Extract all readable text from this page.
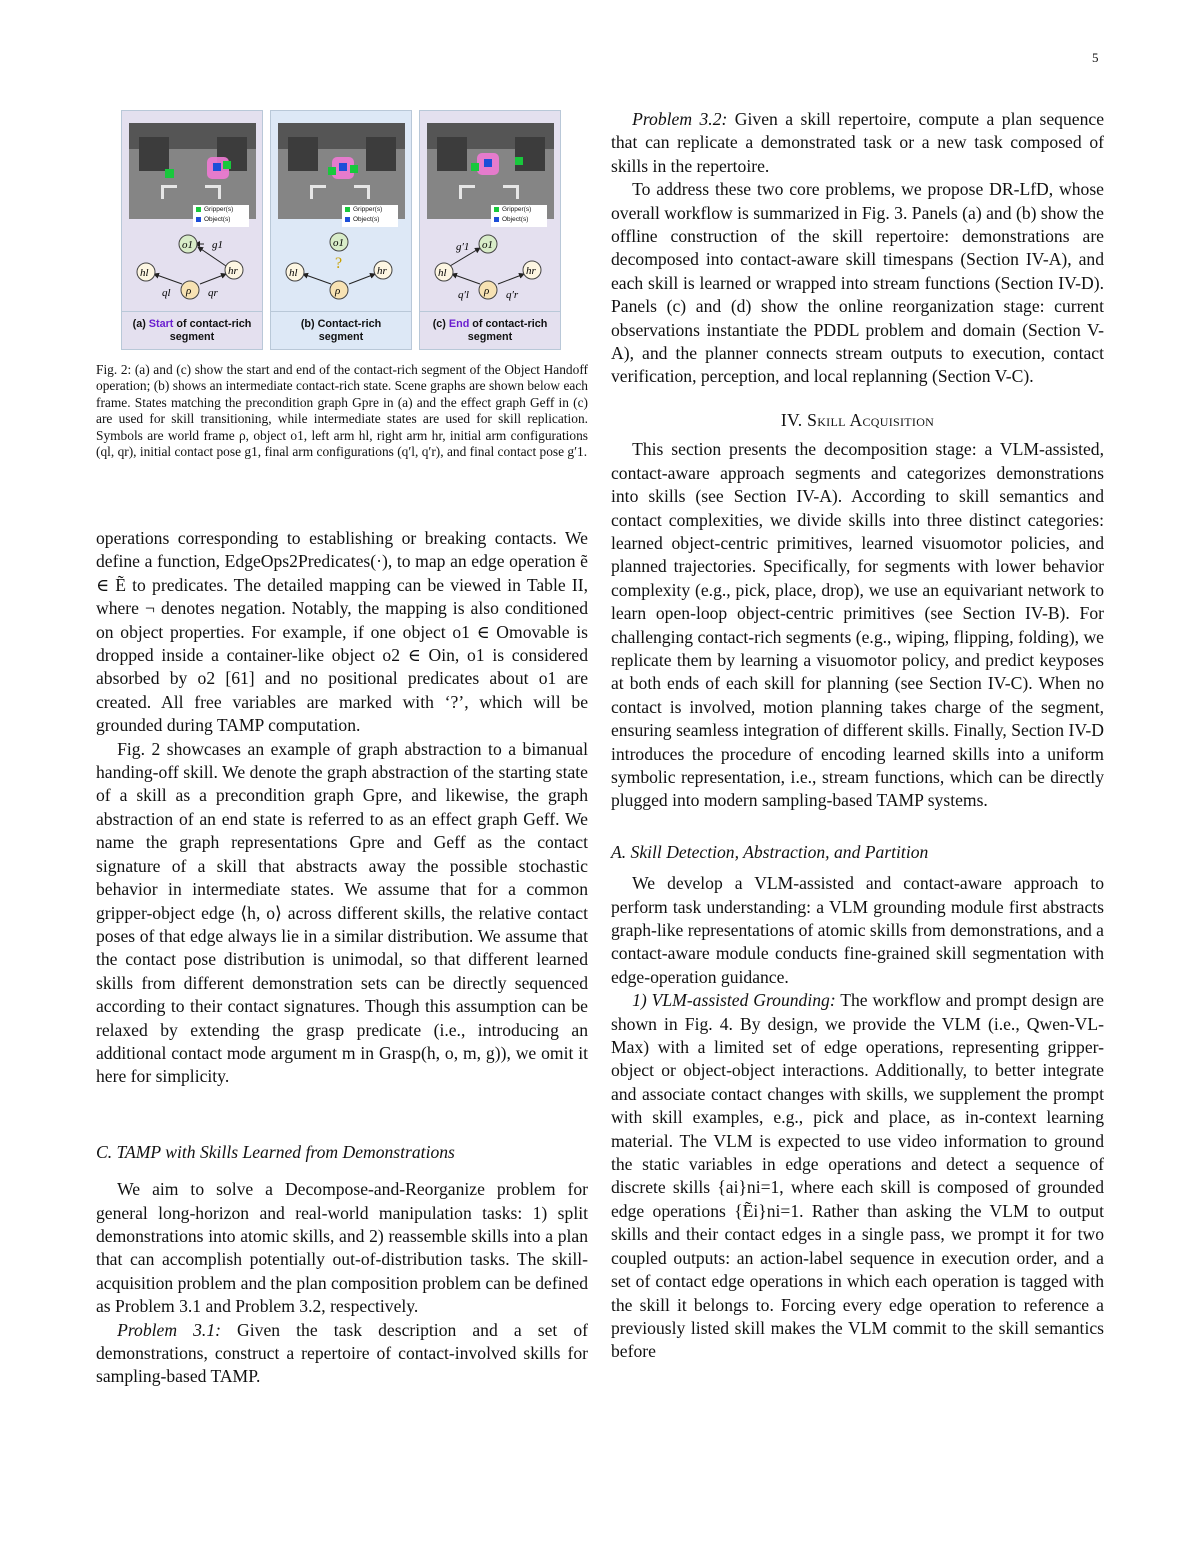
5
Gripper(s)
Object(s)
o1 g1
hl	hr
ρ
ql	qr
(a) Start of contact-rich
segment
Gripper(s)
Object(s)
o1
?
hl	hr
ρ
(b) Contact-rich
segment
Gripper(s)
Object(s)
o1
g′1
hl	hr
ρ
q′l	q′r
(c) End of contact-rich
segment
Fig. 2: (a) and (c) show the start and end of the contact-rich segment of the Object Handoff operation; (b) shows an intermediate contact-rich state. Scene graphs are shown below each frame. States matching the precondition graph Gpre in (a) and the effect graph Geff in (c) are used for skill transitioning, while intermediate states are used for skill replication. Symbols are world frame ρ, object o1, left arm hl, right arm hr, initial arm configurations (ql, qr), initial contact pose g1, final arm configurations (q′l, q′r), and final contact pose g′1.

operations corresponding to establishing or breaking contacts. We define a function, EdgeOps2Predicates(·), to map an edge operation ẽ ∈ Ẽ to predicates. The detailed mapping can be viewed in Table II, where ¬ denotes negation. Notably, the mapping is also conditioned on object properties. For example, if one object o1 ∈ Omovable is dropped inside a container-like object o2 ∈ Oin, o1 is considered absorbed by o2 [61] and no positional predicates about o1 are created. All free variables are marked with ‘?’, which will be grounded during TAMP computation.

Fig. 2 showcases an example of graph abstraction to a bimanual handing-off skill. We denote the graph abstraction of the starting state of a skill as a precondition graph Gpre, and likewise, the graph abstraction of an end state is referred to as an effect graph Geff. We name the graph representations Gpre and Geff as the contact signature of a skill that abstracts away the possible stochastic behavior in intermediate states. We assume that for a common gripper-object edge ⟨h, o⟩ across different skills, the relative contact poses of that edge always lie in a similar distribution. We assume that the contact pose distribution is unimodal, so that different learned skills from different demonstration sets can be directly sequenced according to their contact signatures. Though this assumption can be relaxed by extending the grasp predicate (i.e., introducing an additional contact mode argument m in Grasp(h, o, m, g)), we omit it here for simplicity.

C. TAMP with Skills Learned from Demonstrations

We aim to solve a Decompose-and-Reorganize problem for general long-horizon and real-world manipulation tasks: 1) split demonstrations into atomic skills, and 2) reassemble skills into a plan that can accomplish potentially out-of-distribution tasks. The skill-acquisition problem and the plan composition problem can be defined as Problem 3.1 and Problem 3.2, respectively.

Problem 3.1: Given the task description and a set of demonstrations, construct a repertoire of contact-involved skills for sampling-based TAMP.

Problem 3.2: Given a skill repertoire, compute a plan sequence that can replicate a demonstrated task or a new task composed of skills in the repertoire.

To address these two core problems, we propose DR-LfD, whose overall workflow is summarized in Fig. 3. Panels (a) and (b) show the offline construction of the skill repertoire: demonstrations are decomposed into contact-aware skill timespans (Section IV-A), and each skill is learned or wrapped into stream functions (Section IV-D). Panels (c) and (d) show the online reorganization stage: current observations instantiate the PDDL problem and domain (Section V-A), and the planner connects stream outputs to execution, contact verification, perception, and local replanning (Section V-C).

IV. Skill Acquisition

This section presents the decomposition stage: a VLM-assisted, contact-aware approach segments and categorizes demonstrations into skills (see Section IV-A). According to skill semantics and contact complexities, we divide skills into three distinct categories: learned object-centric primitives, learned visuomotor policies, and planned trajectories. Specifically, for segments with lower behavior complexity (e.g., pick, place, drop), we use an equivariant network to learn open-loop object-centric primitives (see Section IV-B). For challenging contact-rich segments (e.g., wiping, flipping, folding), we replicate them by learning a visuomotor policy, and predict keyposes at both ends of each skill for planning (see Section IV-C). When no contact is involved, motion planning takes charge of the segment, ensuring seamless integration of different skills. Finally, Section IV-D introduces the procedure of encoding learned skills into a uniform symbolic representation, i.e., stream functions, which can be directly plugged into modern sampling-based TAMP systems.

A. Skill Detection, Abstraction, and Partition

We develop a VLM-assisted and contact-aware approach to perform task understanding: a VLM grounding module first abstracts graph-like representations of atomic skills from demonstrations, and a contact-aware module conducts fine-grained skill segmentation with edge-operation guidance.

1) VLM-assisted Grounding: The workflow and prompt design are shown in Fig. 4. By design, we provide the VLM (i.e., Qwen-VL-Max) with a limited set of edge operations, representing gripper-object or object-object interactions. Additionally, to better integrate and associate contact changes with skills, we supplement the prompt with skill examples, e.g., pick and place, as in-context learning material. The VLM is expected to use video information to ground the static variables in edge operations and detect a sequence of discrete skills {ai}ni=1, where each skill is composed of grounded edge operations {Ẽi}ni=1. Rather than asking the VLM to output skills and their contact edges in a single pass, we prompt it for two coupled outputs: an action-label sequence in execution order, and a set of contact edge operations in which each operation is tagged with the skill it belongs to. Forcing every edge operation to reference a previously listed skill makes the VLM commit to the skill semantics before
